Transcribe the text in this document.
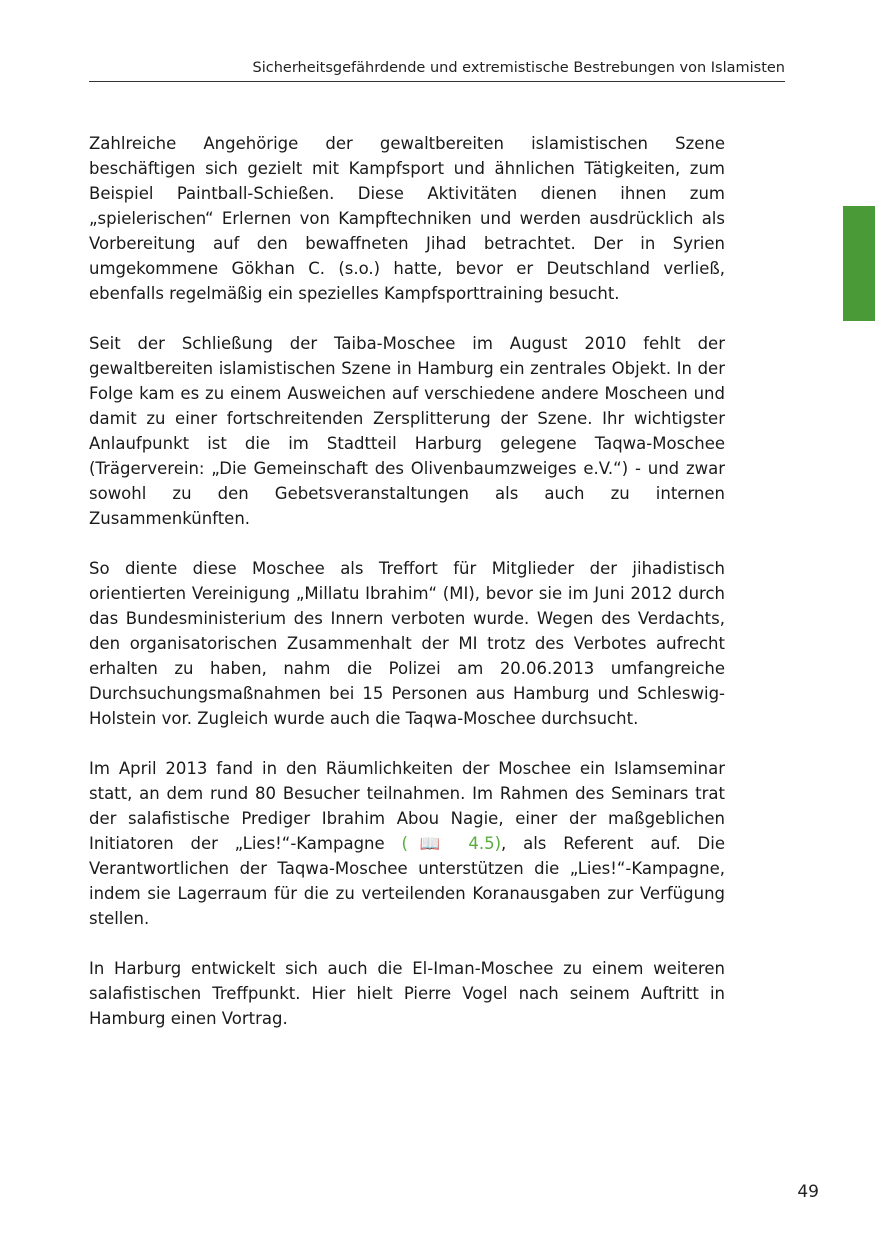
Sicherheitsgefährdende und extremistische Bestrebungen von Islamisten

Zahlreiche Angehörige der gewaltbereiten islamistischen Szene beschäftigen sich gezielt mit Kampfsport und ähnlichen Tätigkeiten, zum Beispiel Paintball-Schießen. Diese Aktivitäten dienen ihnen zum „spielerischen“ Erlernen von Kampftechniken und werden ausdrücklich als Vorbereitung auf den bewaffneten Jihad betrachtet. Der in Syrien umgekommene Gökhan C. (s.o.) hatte, bevor er Deutschland verließ, ebenfalls regelmäßig ein spezielles Kampfsporttraining besucht.

Seit der Schließung der Taiba-Moschee im August 2010 fehlt der gewaltbereiten islamistischen Szene in Hamburg ein zentrales Objekt. In der Folge kam es zu einem Ausweichen auf verschiedene andere Moscheen und damit zu einer fortschreitenden Zersplitterung der Szene. Ihr wichtigster Anlaufpunkt ist die im Stadtteil Harburg gelegene Taqwa-Moschee (Trägerverein: „Die Gemeinschaft des Olivenbaumzweiges e.V.“) - und zwar sowohl zu den Gebetsveranstaltungen als auch zu internen Zusammenkünften.

So diente diese Moschee als Treffort für Mitglieder der jihadistisch orientierten Vereinigung „Millatu Ibrahim“ (MI), bevor sie im Juni 2012 durch das Bundesministerium des Innern verboten wurde. Wegen des Verdachts, den organisatorischen Zusammenhalt der MI trotz des Verbotes aufrecht erhalten zu haben, nahm die Polizei am 20.06.2013 umfangreiche Durchsuchungsmaßnahmen bei 15 Personen aus Hamburg und Schleswig-Holstein vor. Zugleich wurde auch die Taqwa-Moschee durchsucht.

Im April 2013 fand in den Räumlichkeiten der Moschee ein Islamseminar statt, an dem rund 80 Besucher teilnahmen. Im Rahmen des Seminars trat der salafistische Prediger Ibrahim Abou Nagie, einer der maßgeblichen Initiatoren der „Lies!“-Kampagne (📖 4.5), als Referent auf. Die Verantwortlichen der Taqwa-Moschee unterstützen die „Lies!“-Kampagne, indem sie Lagerraum für die zu verteilenden Koranausgaben zur Verfügung stellen.

In Harburg entwickelt sich auch die El-Iman-Moschee zu einem weiteren salafistischen Treffpunkt. Hier hielt Pierre Vogel nach seinem Auftritt in Hamburg einen Vortrag.

49
